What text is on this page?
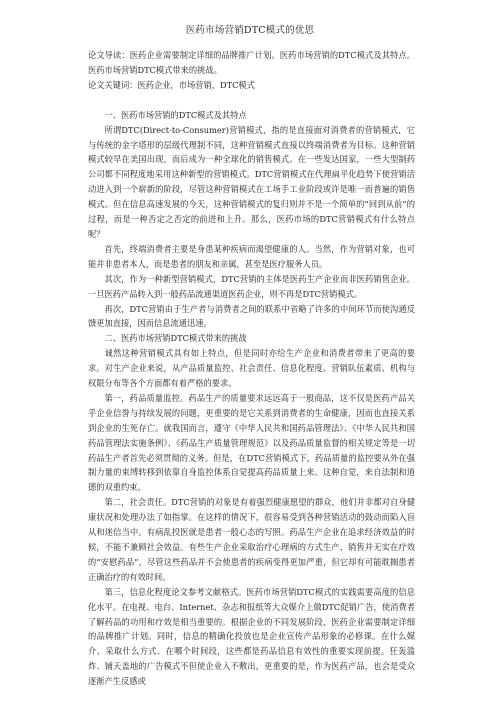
医药市场营销DTC模式的优思

论文导读：医药企业需要制定详细的品牌推广计划。医药市场营销的DTC模式及其特点。医药市场营销DTC模式带来的挑战。

论文关键词：医药企业，市场营销，DTC模式

一、医药市场营销的DTC模式及其特点

所谓DTC(Direct-to-Consumer)营销模式，指的是直接面对消费者的营销模式，它与传统的金字塔形的层级代理制不同，这种营销模式直接以终端消费者为目标。这种营销模式较早在美国出现，而后成为一种全球化的销售模式。在一些发达国家，一些大型制药公司都不同程度地采用这种新型的营销模式。DTC营销模式在代理扁平化趋势下使营销活动进入到一个崭新的阶段，尽管这种营销模式在工场手工业阶段或许是唯一而普遍的销售模式。但在信息高速发展的今天，这种营销模式的复归则并不是一个简单的“回到从前”的过程，而是一种否定之否定的前进和上升。那么，医药市场的DTC营销模式有什么特点呢？

首先，终端消费者主要是身患某种疾病而渴望健康的人。当然，作为营销对象，也可能并非患者本人，而是患者的朋友和亲属，甚至是医疗服务人员。

其次，作为一种新型营销模式，DTC营销的主体是医药生产企业而非医药销售企业。一旦医药产品转入到一般药品流通渠道医药企业，则不再是DTC营销模式。

再次，DTC营销由于生产者与消费者之间的联系中省略了许多的中间环节而使沟通反馈更加直接，因而信息流通迅速。

二、医药市场营销DTC模式带来的挑战

诚然这种营销模式具有如上特点，但是同时亦给生产企业和消费者带来了更高的要求。对生产企业来说，从产品质量监控、社会责任、信息化程度、营销队伍素质、机构与权限分布等各个方面都有着严格的要求。

第一，药品质量监控。药品生产的质量要求远远高于一般商品，这不仅是医药产品关乎企业信誉与持续发展的问题，更重要的是它关系到消费者的生命健康，因而也直接关系到企业的生死存亡。就我国而言，遵守《中华人民共和国药品管理法》、《中华人民共和国药品管理法实施条例》、《药品生产质量管理规范》以及药品质量监督的相关规定等是一切药品生产者首先必须贯彻的义务。但是，在DTC营销模式下，药品质量的监控要从外在强制力量的束缚转移到依靠自身监控体系自觉提高药品质量上来。这种自觉，来自法制和道德的双重约束。

第二，社会责任。DTC营销的对象是有着强烈健康愿望的群众，他们并非都对自身健康状况和处理办法了如指掌。在这样的情况下，很容易受到各种营销活动的鼓动而陷入盲从和迷信当中。有病乱投医就是患者一般心态的写照。药品生产企业在追求经济效益的时候，不能不兼顾社会效益。有些生产企业采取治疗心理病的方式生产、销售并无实在疗效的“安慰药品”，尽管这些药品并不会使患者的疾病变得更加严重，但它却有可能耽搁患者正确治疗的有效时间。

第三，信息化程度论文参考文献格式。医药市场营销DTC模式的实践需要高度的信息化水平。在电视、电台、Internet、杂志和报纸等大众媒介上做DTC促销广告，使消费者了解药品的功用和疗效是相当重要的。根据企业的不同发展阶段，医药企业需要制定详细的品牌推广计划。同时，信息的精确化投放也是企业宣传产品形象的必修课。在什么媒介、采取什么方式、在哪个时间段，这些都是药品信息有效性的重要实现前提。狂轰滥炸、铺天盖地的广告模式不但使企业入不敷出，更重要的是，作为医药产品，也会是受众逐渐产生反感或
